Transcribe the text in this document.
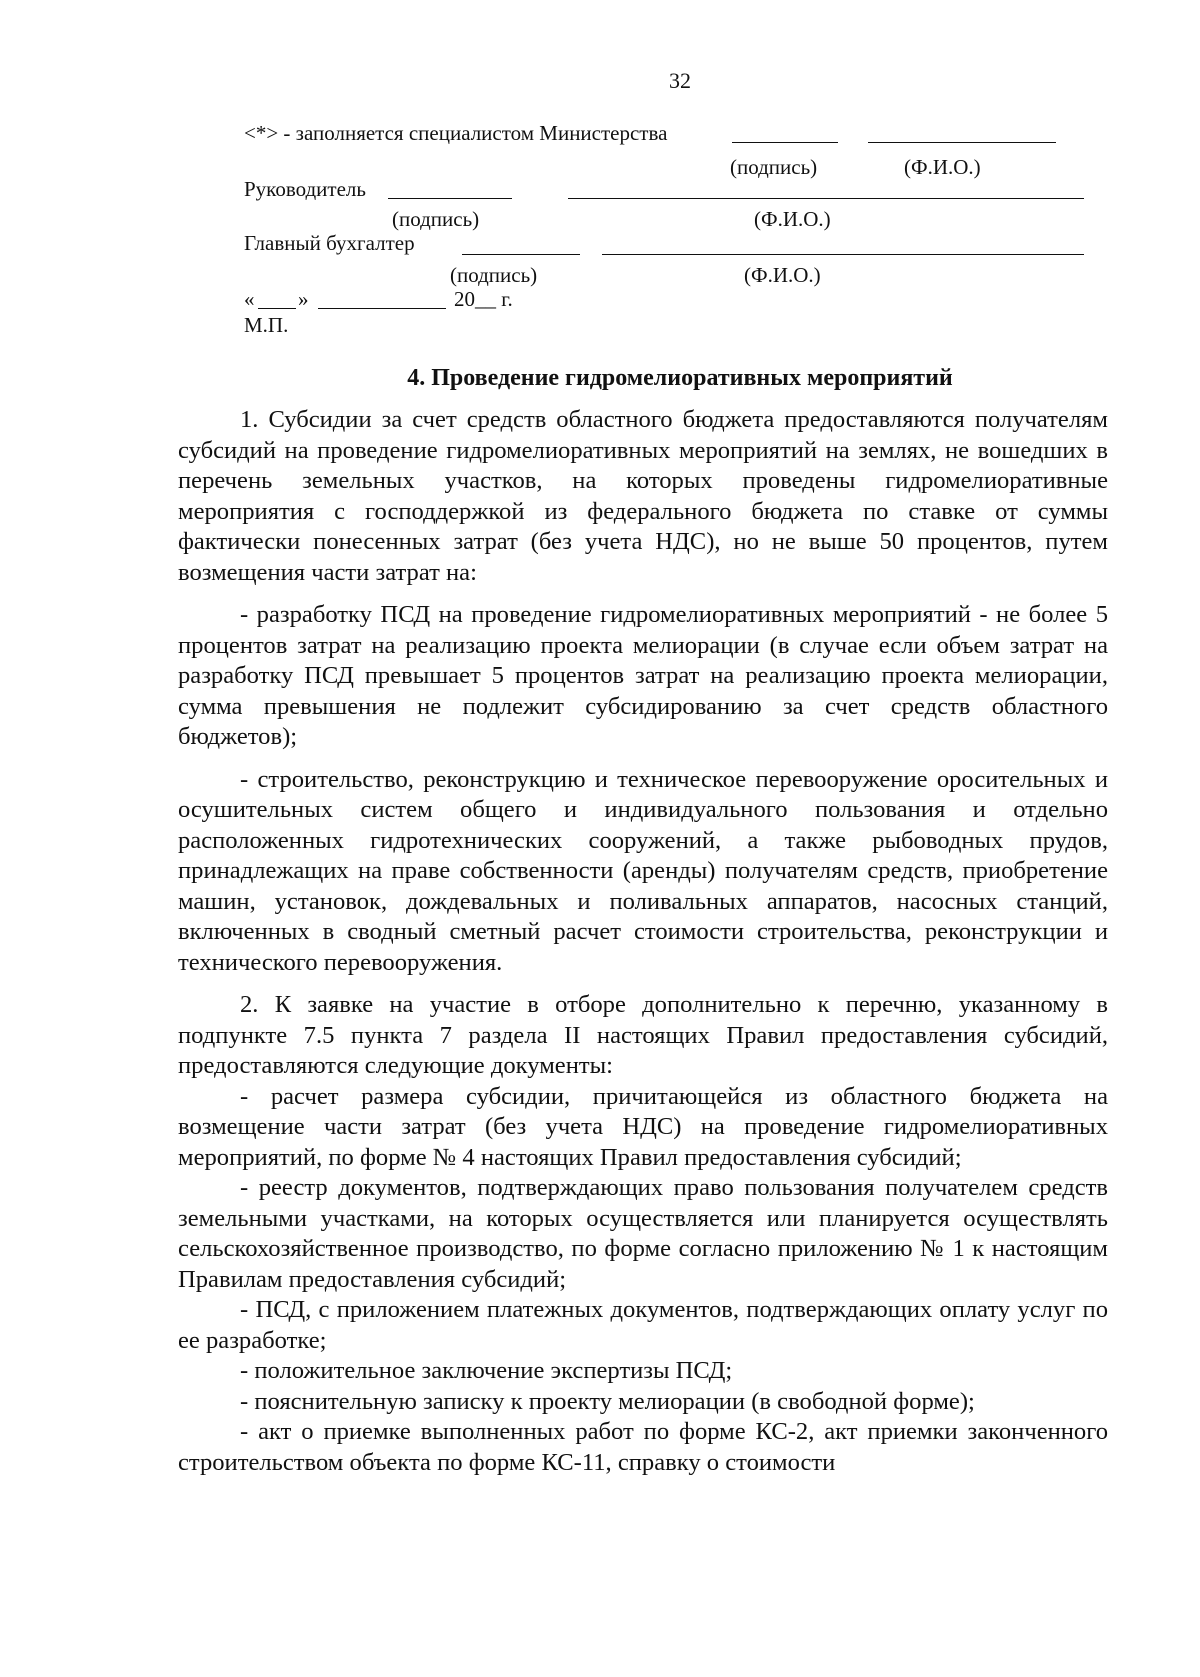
32
<*> - заполняется специалистом Министерства
(подпись)	(Ф.И.О.)
Руководитель
(подпись)	(Ф.И.О.)
Главный бухгалтер
(подпись)	(Ф.И.О.)
« »	20__ г.
М.П.
4. Проведение гидромелиоративных мероприятий

1. Субсидии за счет средств областного бюджета предоставляются получателям субсидий на проведение гидромелиоративных мероприятий на землях, не вошедших в перечень земельных участков, на которых проведены гидромелиоративные мероприятия с господдержкой из федерального бюджета по ставке от суммы фактически понесенных затрат (без учета НДС), но не выше 50 процентов, путем возмещения части затрат на:

- разработку ПСД на проведение гидромелиоративных мероприятий - не более 5 процентов затрат на реализацию проекта мелиорации (в случае если объем затрат на разработку ПСД превышает 5 процентов затрат на реализацию проекта мелиорации, сумма превышения не подлежит субсидированию за счет средств областного бюджетов);

- строительство, реконструкцию и техническое перевооружение оросительных и осушительных систем общего и индивидуального пользования и отдельно расположенных гидротехнических сооружений, а также рыбоводных прудов, принадлежащих на праве собственности (аренды) получателям средств, приобретение машин, установок, дождевальных и поливальных аппаратов, насосных станций, включенных в сводный сметный расчет стоимости строительства, реконструкции и технического перевооружения.

2. К заявке на участие в отборе дополнительно к перечню, указанному в подпункте 7.5 пункта 7 раздела II настоящих Правил предоставления субсидий, предоставляются следующие документы:

- расчет размера субсидии, причитающейся из областного бюджета на возмещение части затрат (без учета НДС) на проведение гидромелиоративных мероприятий, по форме № 4 настоящих Правил предоставления субсидий;

- реестр документов, подтверждающих право пользования получателем средств земельными участками, на которых осуществляется или планируется осуществлять сельскохозяйственное производство, по форме согласно приложению № 1 к настоящим Правилам предоставления субсидий;

- ПСД, с приложением платежных документов, подтверждающих оплату услуг по ее разработке;

- положительное заключение экспертизы ПСД;

- пояснительную записку к проекту мелиорации (в свободной форме);

- акт о приемке выполненных работ по форме КС-2, акт приемки законченного строительством объекта по форме КС-11, справку о стоимости
